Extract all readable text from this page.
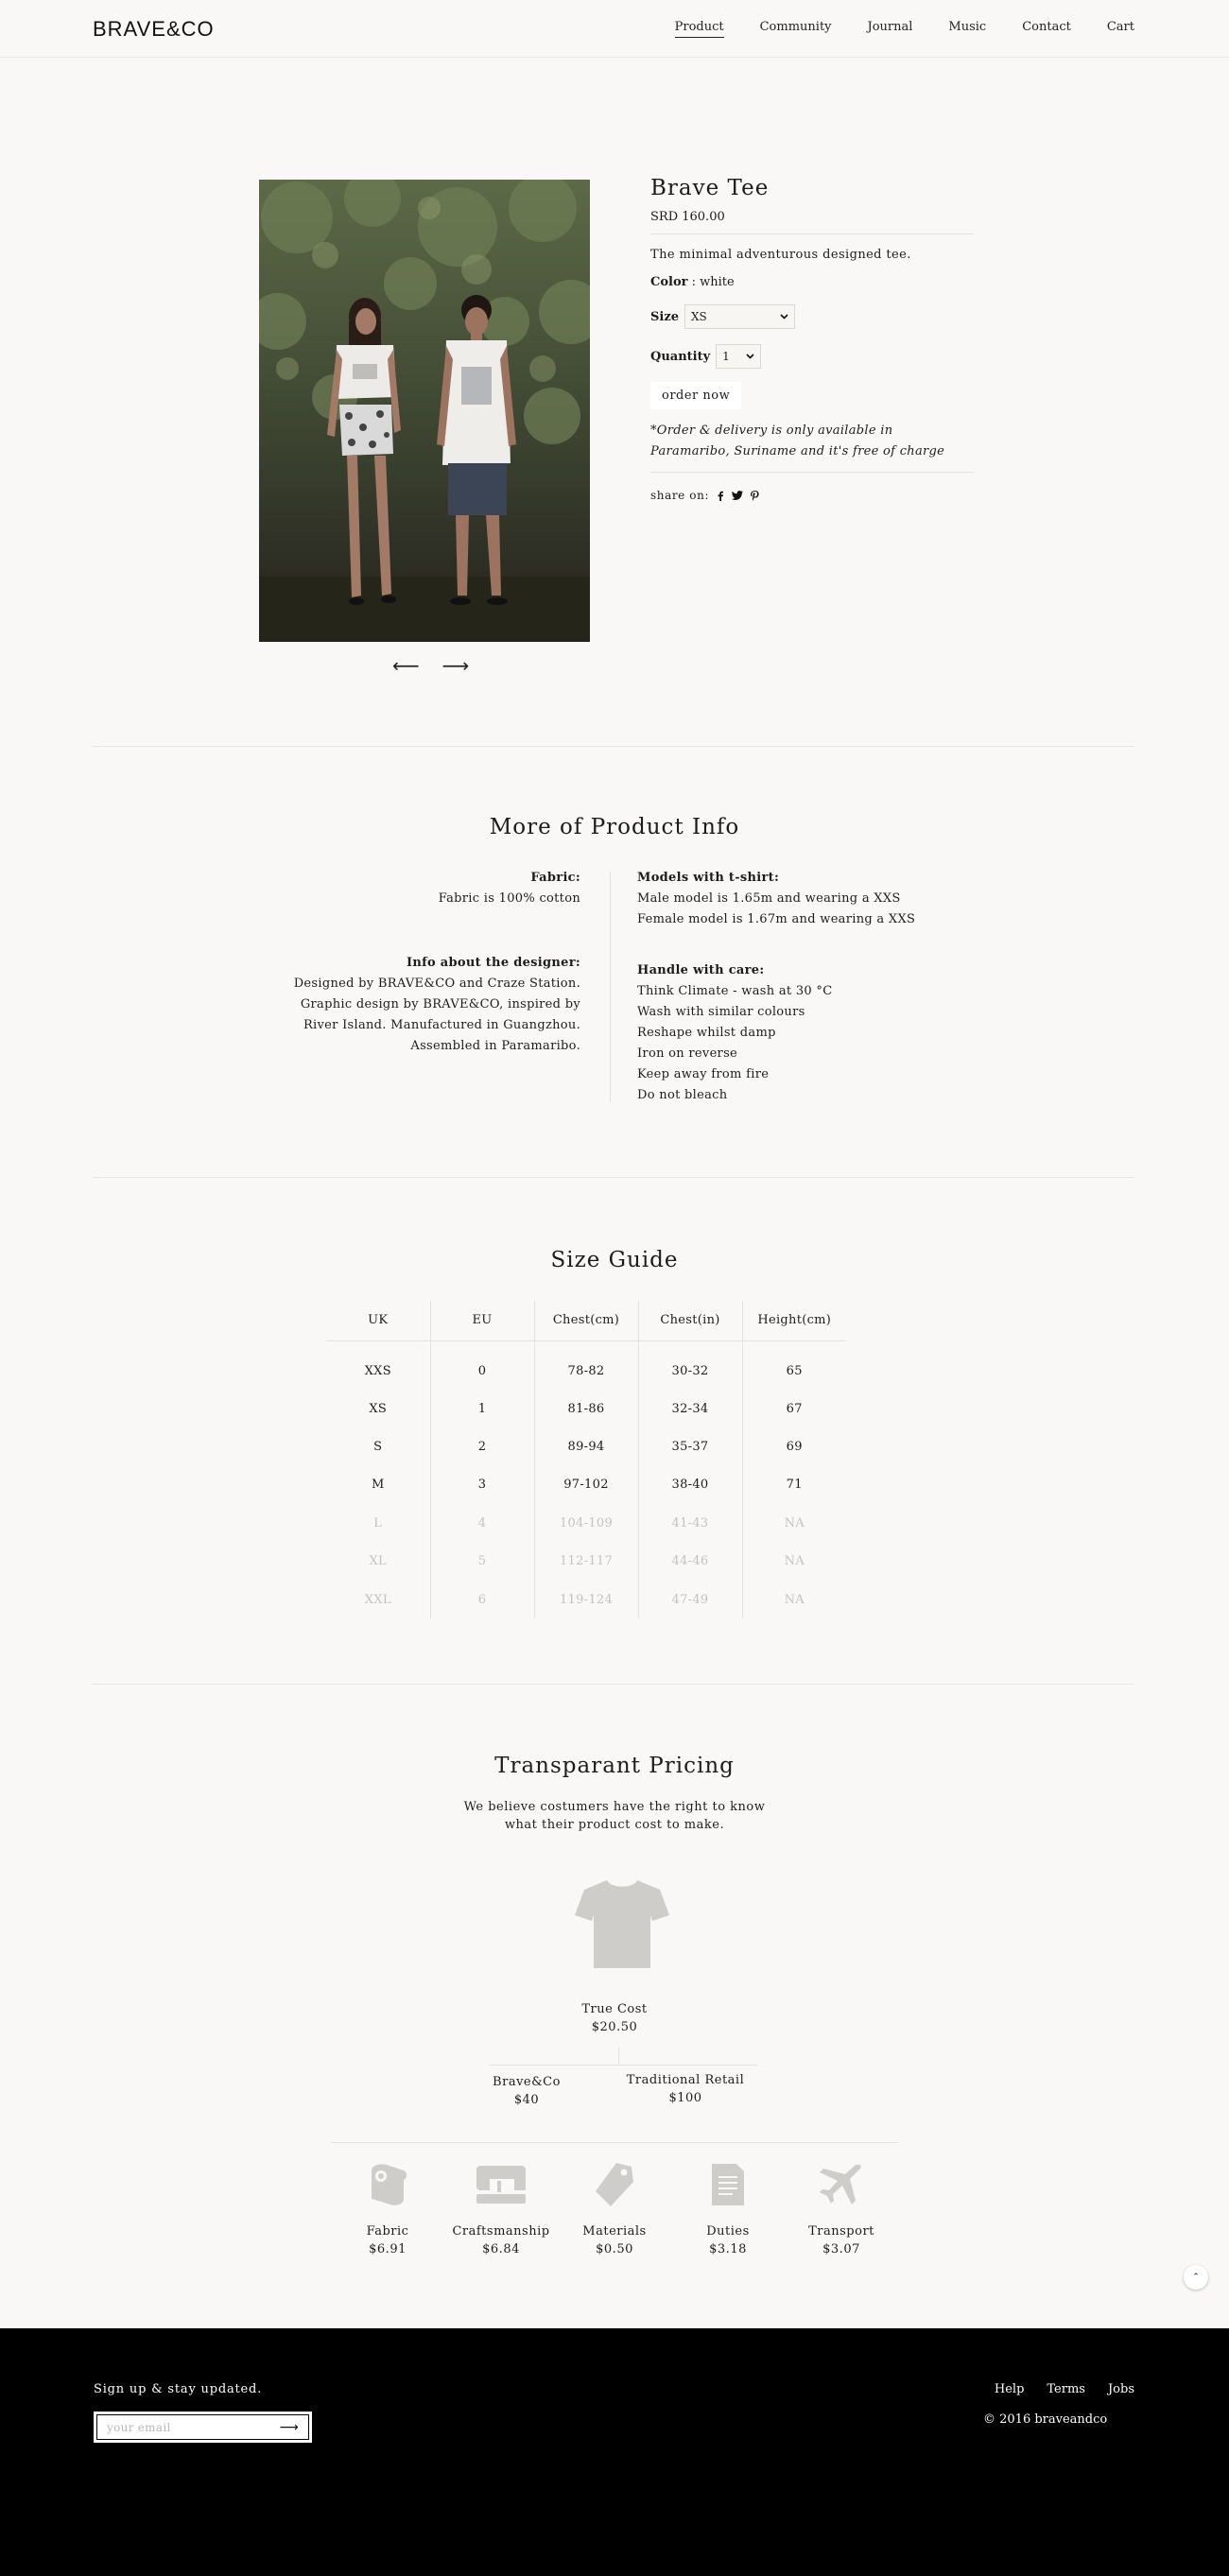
BRAVE&CO	Product	Community	Journal	Music	Contact	Cart
⟵ ⟶
Brave Tee
SRD 160.00
The minimal adventurous designed tee.
Color : white
Size XS
Quantity 1
order now
*Order & delivery is only available in Paramaribo, Suriname and it's free of charge
share on:
More of Product Info
Fabric:
Fabric is 100% cotton
Info about the designer:
Designed by BRAVE&CO and Craze Station.
Graphic design by BRAVE&CO, inspired by
River Island. Manufactured in Guangzhou.
Assembled in Paramaribo.
Models with t-shirt:
Male model is 1.65m and wearing a XXS
Female model is 1.67m and wearing a XXS
Handle with care:
Think Climate - wash at 30 °C
Wash with similar colours
Reshape whilst damp
Iron on reverse
Keep away from fire
Do not bleach
Size Guide
UK	EU	Chest(cm)	Chest(in)	Height(cm)
XXS	0	78-82	30-32	65
XS	1	81-86	32-34	67
S	2	89-94	35-37	69
M	3	97-102	38-40	71
L	4	104-109	41-43	NA
XL	5	112-117	44-46	NA
XXL	6	119-124	47-49	NA
Transparant Pricing
We believe costumers have the right to know
what their product cost to make.
True Cost
$20.50
Brave&Co
$40
Traditional Retail
$100
Fabric
$6.91
Craftsmanship
$6.84
Materials
$0.50
Duties
$3.18
Transport
$3.07
⌃
Sign up & stay updated.
your email	⟶
Help Terms Jobs
© 2016 braveandco
